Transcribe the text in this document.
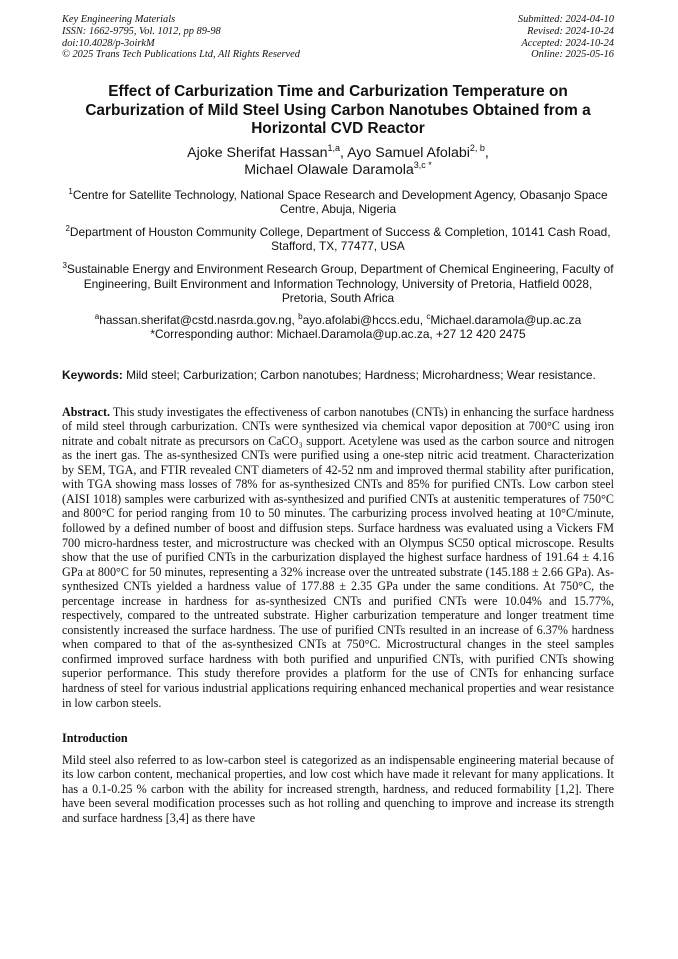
Key Engineering Materials
ISSN: 1662-9795, Vol. 1012, pp 89-98
doi:10.4028/p-3oirkM
© 2025 Trans Tech Publications Ltd, All Rights Reserved
Submitted: 2024-04-10
Revised: 2024-10-24
Accepted: 2024-10-24
Online: 2025-05-16
Effect of Carburization Time and Carburization Temperature on Carburization of Mild Steel Using Carbon Nanotubes Obtained from a Horizontal CVD Reactor
Ajoke Sherifat Hassan$^{1,a}$, Ayo Samuel Afolabi$^{2, b}$,
Michael Olawale Daramola$^{3,c *}$
$^1$Centre for Satellite Technology, National Space Research and Development Agency, Obasanjo Space Centre, Abuja, Nigeria
$^2$Department of Houston Community College, Department of Success & Completion, 10141 Cash Road, Stafford, TX, 77477, USA
$^3$Sustainable Energy and Environment Research Group, Department of Chemical Engineering, Faculty of Engineering, Built Environment and Information Technology, University of Pretoria, Hatfield 0028, Pretoria, South Africa
$^a$hassan.sherifat@cstd.nasrda.gov.ng, $^b$ayo.afolabi@hccs.edu, $^c$Michael.daramola@up.ac.za
*Corresponding author: Michael.Daramola@up.ac.za, +27 12 420 2475
Keywords: Mild steel; Carburization; Carbon nanotubes; Hardness; Microhardness; Wear resistance.
Abstract. This study investigates the effectiveness of carbon nanotubes (CNTs) in enhancing the surface hardness of mild steel through carburization. CNTs were synthesized via chemical vapor deposition at 700°C using iron nitrate and cobalt nitrate as precursors on CaCO₃ support. Acetylene was used as the carbon source and nitrogen as the inert gas. The as-synthesized CNTs were purified using a one-step nitric acid treatment. Characterization by SEM, TGA, and FTIR revealed CNT diameters of 42-52 nm and improved thermal stability after purification, with TGA showing mass losses of 78% for as-synthesized CNTs and 85% for purified CNTs. Low carbon steel (AISI 1018) samples were carburized with as-synthesized and purified CNTs at austenitic temperatures of 750°C and 800°C for period ranging from 10 to 50 minutes. The carburizing process involved heating at 10°C/minute, followed by a defined number of boost and diffusion steps. Surface hardness was evaluated using a Vickers FM 700 micro-hardness tester, and microstructure was checked with an Olympus SC50 optical microscope. Results show that the use of purified CNTs in the carburization displayed the highest surface hardness of 191.64 ± 4.16 GPa at 800°C for 50 minutes, representing a 32% increase over the untreated substrate (145.188 ± 2.66 GPa). As-synthesized CNTs yielded a hardness value of 177.88 ± 2.35 GPa under the same conditions. At 750°C, the percentage increase in hardness for as-synthesized CNTs and purified CNTs were 10.04% and 15.77%, respectively, compared to the untreated substrate. Higher carburization temperature and longer treatment time consistently increased the surface hardness. The use of purified CNTs resulted in an increase of 6.37% hardness when compared to that of the as-synthesized CNTs at 750°C. Microstructural changes in the steel samples confirmed improved surface hardness with both purified and unpurified CNTs, with purified CNTs showing superior performance. This study therefore provides a platform for the use of CNTs for enhancing surface hardness of steel for various industrial applications requiring enhanced mechanical properties and wear resistance in low carbon steels.
Introduction
Mild steel also referred to as low-carbon steel is categorized as an indispensable engineering material because of its low carbon content, mechanical properties, and low cost which have made it relevant for many applications. It has a 0.1-0.25 % carbon with the ability for increased strength, hardness, and reduced formability [1,2]. There have been several modification processes such as hot rolling and quenching to improve and increase its strength and surface hardness [3,4] as there have
